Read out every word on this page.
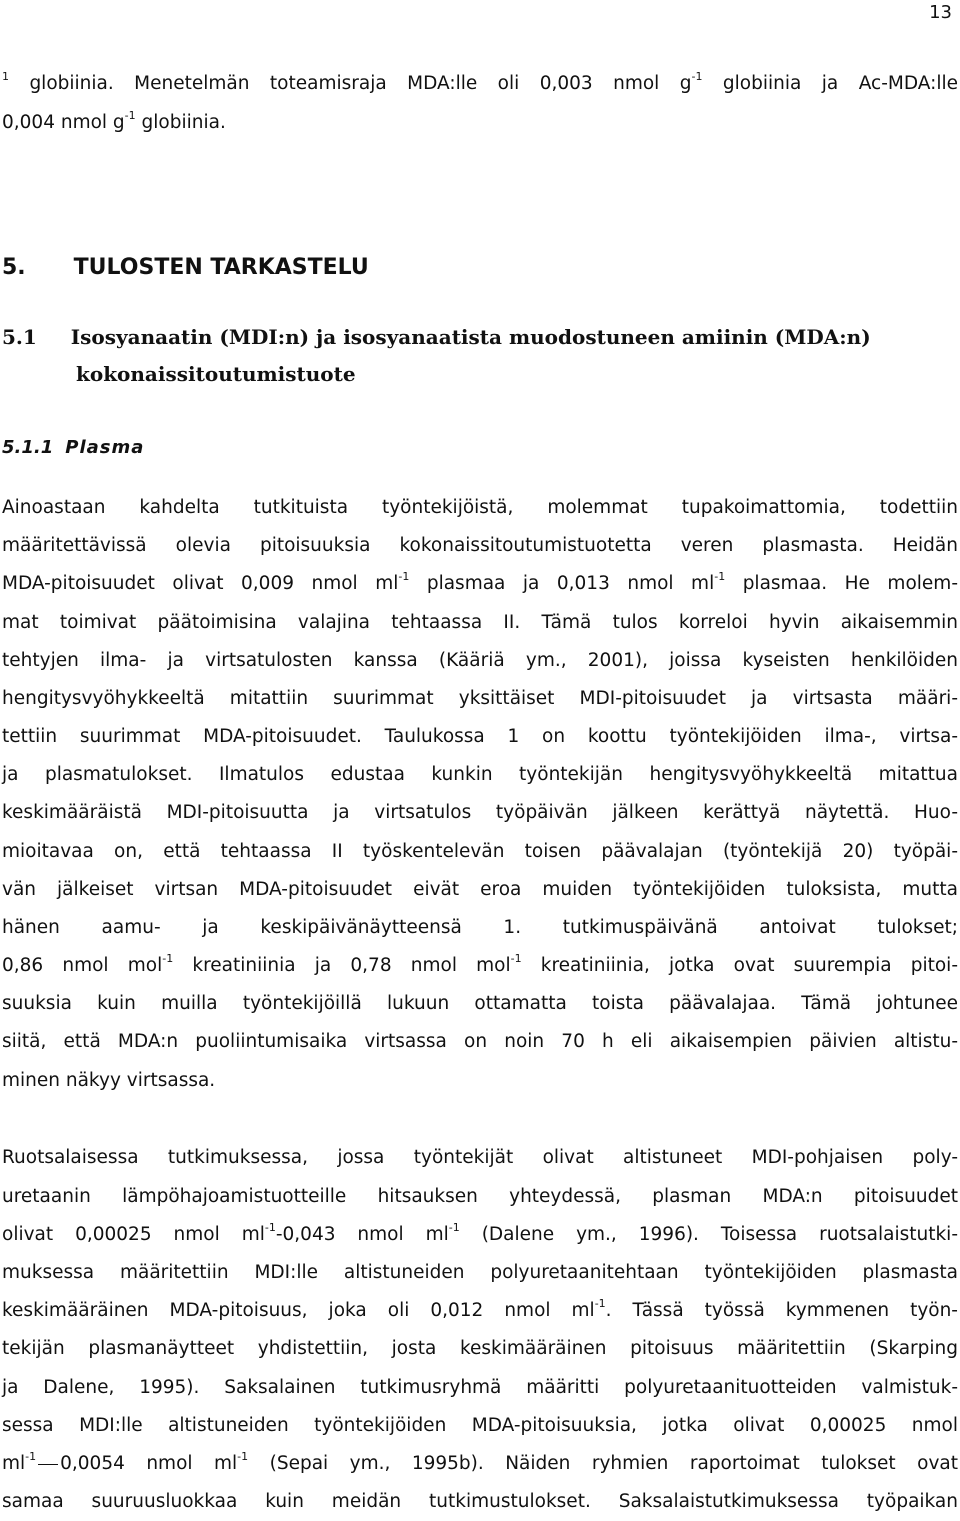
13
$^1$ globiinia. Menetelmän toteamisraja MDA:lle oli 0,003 nmol $g^{-1}$ globiinia ja Ac-MDA:lle
0,004 nmol $g^{-1}$ globiinia.
5. TULOSTEN TARKASTELU
5.1 Isosyanaatin (MDI:n) ja isosyanaatista muodostuneen amiinin (MDA:n)
kokonaissitoutumistuote
5.1.1 Plasma
Ainoastaan kahdelta tutkituista työntekijöistä, molemmat tupakoimattomia, todettiin
määritettävissä olevia pitoisuuksia kokonaissitoutumistuotetta veren plasmasta. Heidän
MDA-pitoisuudet olivat 0,009 nmol $ml^{-1}$ plasmaa ja 0,013 nmol $ml^{-1}$ plasmaa. He molem-
mat toimivat päätoimisina valajina tehtaassa II. Tämä tulos korreloi hyvin aikaisemmin
tehtyjen ilma- ja virtsatulosten kanssa (Kääriä ym., 2001), joissa kyseisten henkilöiden
hengitysvyöhykkeeltä mitattiin suurimmat yksittäiset MDI-pitoisuudet ja virtsasta määri-
tettiin suurimmat MDA-pitoisuudet. Taulukossa 1 on koottu työntekijöiden ilma-, virtsa-
ja plasmatulokset. Ilmatulos edustaa kunkin työntekijän hengitysvyöhykkeeltä mitattua
keskimääräistä MDI-pitoisuutta ja virtsatulos työpäivän jälkeen kerättyä näytettä. Huo-
mioitavaa on, että tehtaassa II työskentelevän toisen päävalajan (työntekijä 20) työpäi-
vän jälkeiset virtsan MDA-pitoisuudet eivät eroa muiden työntekijöiden tuloksista, mutta
hänen aamu- ja keskipäivänäytteensä 1. tutkimuspäivänä antoivat tulokset;
0,86 nmol mol$^{-1}$ kreatiniinia ja 0,78 nmol mol$^{-1}$ kreatiniinia, jotka ovat suurempia pitoi-
suuksia kuin muilla työntekijöillä lukuun ottamatta toista päävalajaa. Tämä johtunee
siitä, että MDA:n puoliintumisaika virtsassa on noin 70 h eli aikaisempien päivien altistu-
minen näkyy virtsassa.
Ruotsalaisessa tutkimuksessa, jossa työntekijät olivat altistuneet MDI-pohjaisen poly-
uretaanin lämpöhajoamistuotteille hitsauksen yhteydessä, plasman MDA:n pitoisuudet
olivat 0,00025 nmol $ml^{-1}-0,043$ nmol $ml^{-1}$ (Dalene ym., 1996). Toisessa ruotsalaistutki-
muksessa määritettiin MDI:lle altistuneiden polyuretaanitehtaan työntekijöiden plasmasta
keskimääräinen MDA-pitoisuus, joka oli 0,012 nmol $ml^{-1}$. Tässä työssä kymmenen työn-
tekijän plasmanäytteet yhdistettiin, josta keskimääräinen pitoisuus määritettiin (Skarping
ja Dalene, 1995). Saksalainen tutkimusryhmä määritti polyuretaanituotteiden valmistuk-
sessa MDI:lle altistuneiden työntekijöiden MDA-pitoisuuksia, jotka olivat 0,00025 nmol
$ml^{-1}$ 0,0054 nmol $ml^{-1}$ (Sepai ym., 1995b). Näiden ryhmien raportoimat tulokset ovat
samaa suuruusluokkaa kuin meidän tutkimustulokset. Saksalaistutkimuksessa työpaikan
